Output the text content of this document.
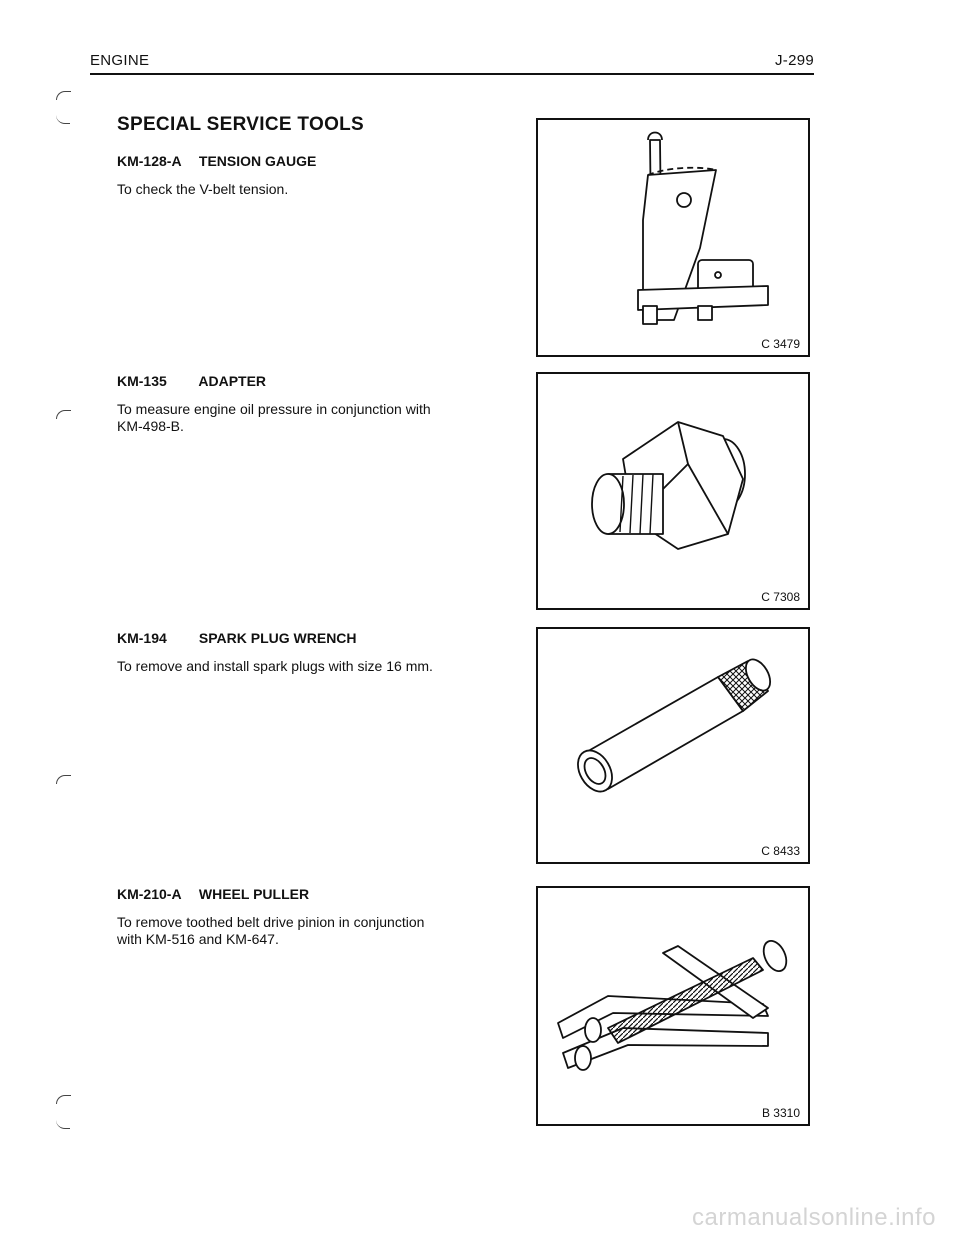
ENGINE	J-299
SPECIAL SERVICE TOOLS

KM-128-A TENSION GAUGE

To check the V-belt tension.

C 3479

KM-135 ADAPTER

To measure engine oil pressure in conjunction with KM-498-B.

C 7308

KM-194 SPARK PLUG WRENCH

To remove and install spark plugs with size 16 mm.

C 8433

KM-210-A WHEEL PULLER

To remove toothed belt drive pinion in conjunction with KM-516 and KM-647.

B 3310
carmanualsonline.info
